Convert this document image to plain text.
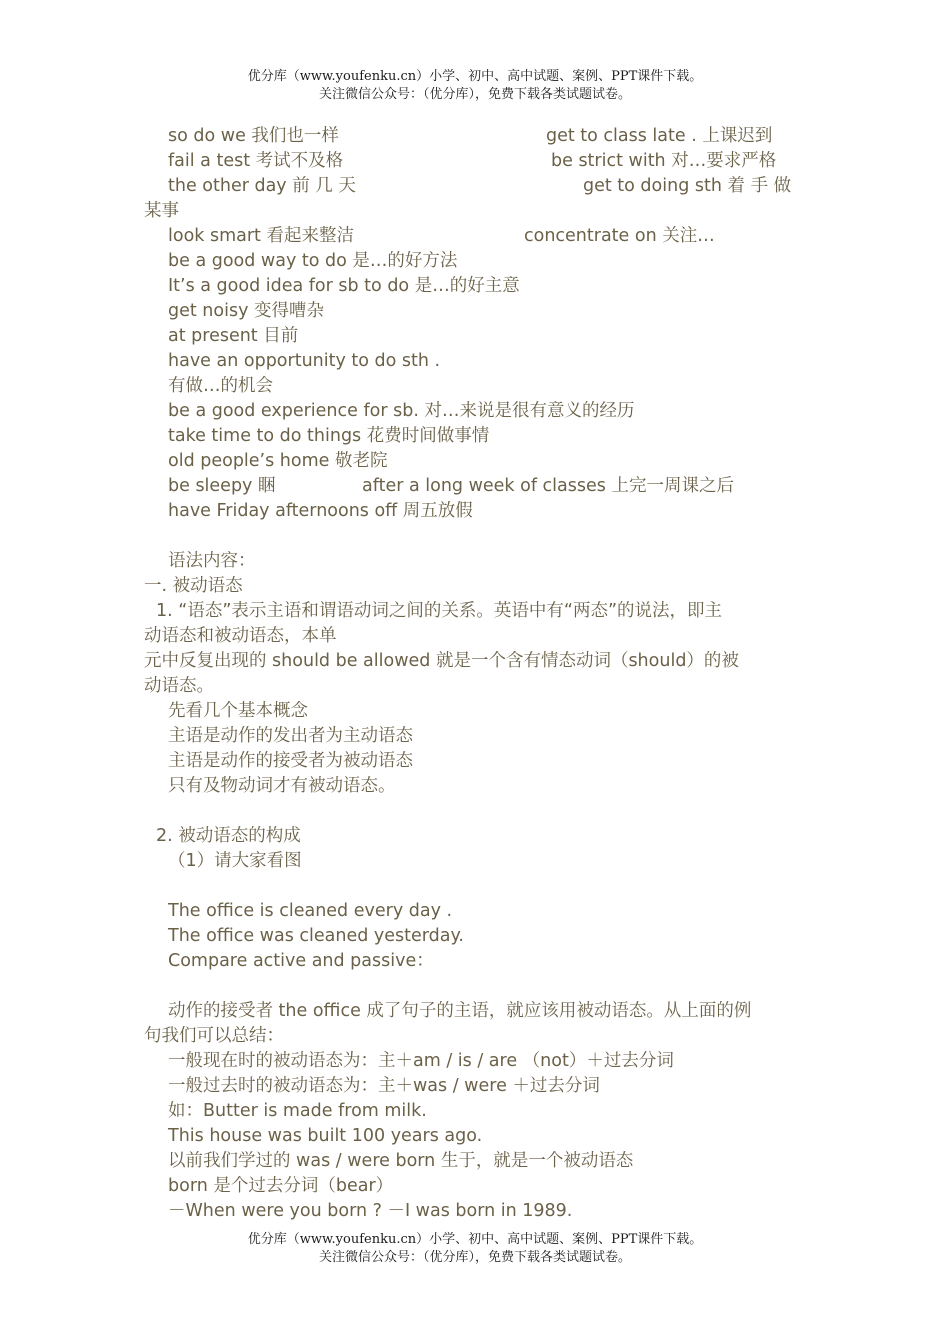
优分库（www.youfenku.cn）小学、初中、高中试题、案例、PPT课件下载。
关注微信公众号：（优分库），免费下载各类试题试卷。
so do we 我们也一样	get to class late . 上课迟到
fail a test 考试不及格	be strict with 对…要求严格
the other day 前 几 天	get to doing sth 着 手 做
某事
look smart 看起来整洁	concentrate on 关注…
be a good way to do 是…的好方法
It’s a good idea for sb to do 是…的好主意
get noisy 变得嘈杂
at present 目前
have an opportunity to do sth .
有做…的机会
be a good experience for sb. 对…来说是很有意义的经历
take time to do things 花费时间做事情
old people’s home 敬老院
be sleepy 睏	after a long week of classes 上完一周课之后
have Friday afternoons off 周五放假
语法内容：
一. 被动语态
1. “语态”表示主语和谓语动词之间的关系。英语中有“两态”的说法，即主
动语态和被动语态，本单
元中反复出现的 should be allowed 就是一个含有情态动词（should）的被
动语态。
先看几个基本概念
主语是动作的发出者为主动语态
主语是动作的接受者为被动语态
只有及物动词才有被动语态。
2. 被动语态的构成
（1）请大家看图
The office is cleaned every day .
The office was cleaned yesterday.
Compare active and passive：
动作的接受者 the office 成了句子的主语，就应该用被动语态。从上面的例
句我们可以总结：
一般现在时的被动语态为：主＋am / is / are （not）＋过去分词
一般过去时的被动语态为：主＋was / were ＋过去分词
如：Butter is made from milk.
This house was built 100 years ago.
以前我们学过的 was / were born 生于，就是一个被动语态
born 是个过去分词（bear）
－When were you born ? －I was born in 1989.
优分库（www.youfenku.cn）小学、初中、高中试题、案例、PPT课件下载。
关注微信公众号：（优分库），免费下载各类试题试卷。
